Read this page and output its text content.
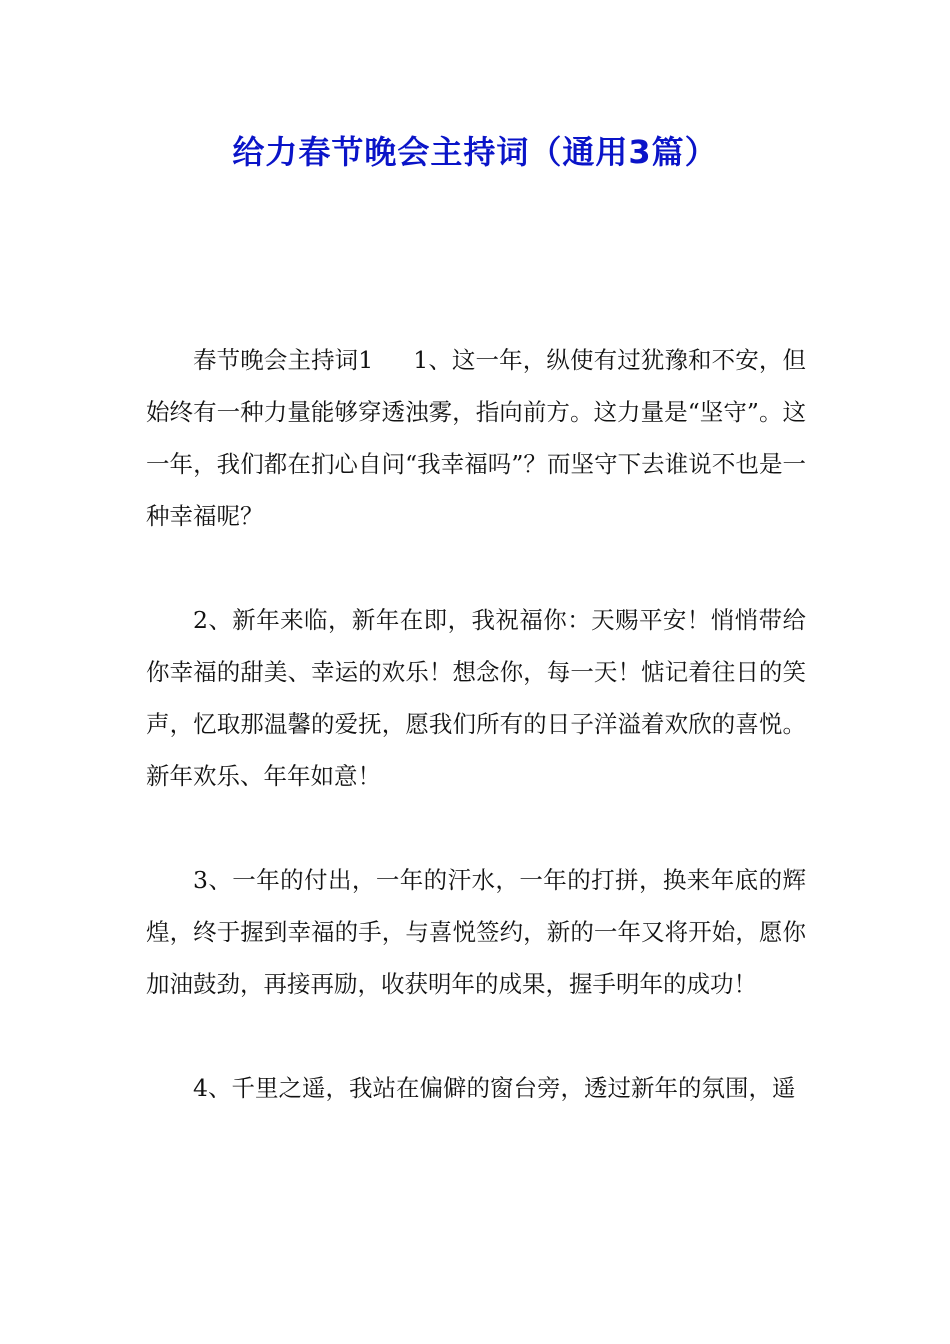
给力春节晚会主持词（通用3篇）

春节晚会主持词1 1、这一年，纵使有过犹豫和不安，但始终有一种力量能够穿透浊雾，指向前方。这力量是“坚守”。这一年，我们都在扪心自问“我幸福吗”？而坚守下去谁说不也是一种幸福呢？

2、新年来临，新年在即，我祝福你：天赐平安！悄悄带给你幸福的甜美、幸运的欢乐！想念你，每一天！惦记着往日的笑声，忆取那温馨的爱抚，愿我们所有的日子洋溢着欢欣的喜悦。新年欢乐、年年如意！

3、一年的付出，一年的汗水，一年的打拼，换来年底的辉煌，终于握到幸福的手，与喜悦签约，新的一年又将开始，愿你加油鼓劲，再接再励，收获明年的成果，握手明年的成功！

4、千里之遥，我站在偏僻的窗台旁，透过新年的氛围，遥
